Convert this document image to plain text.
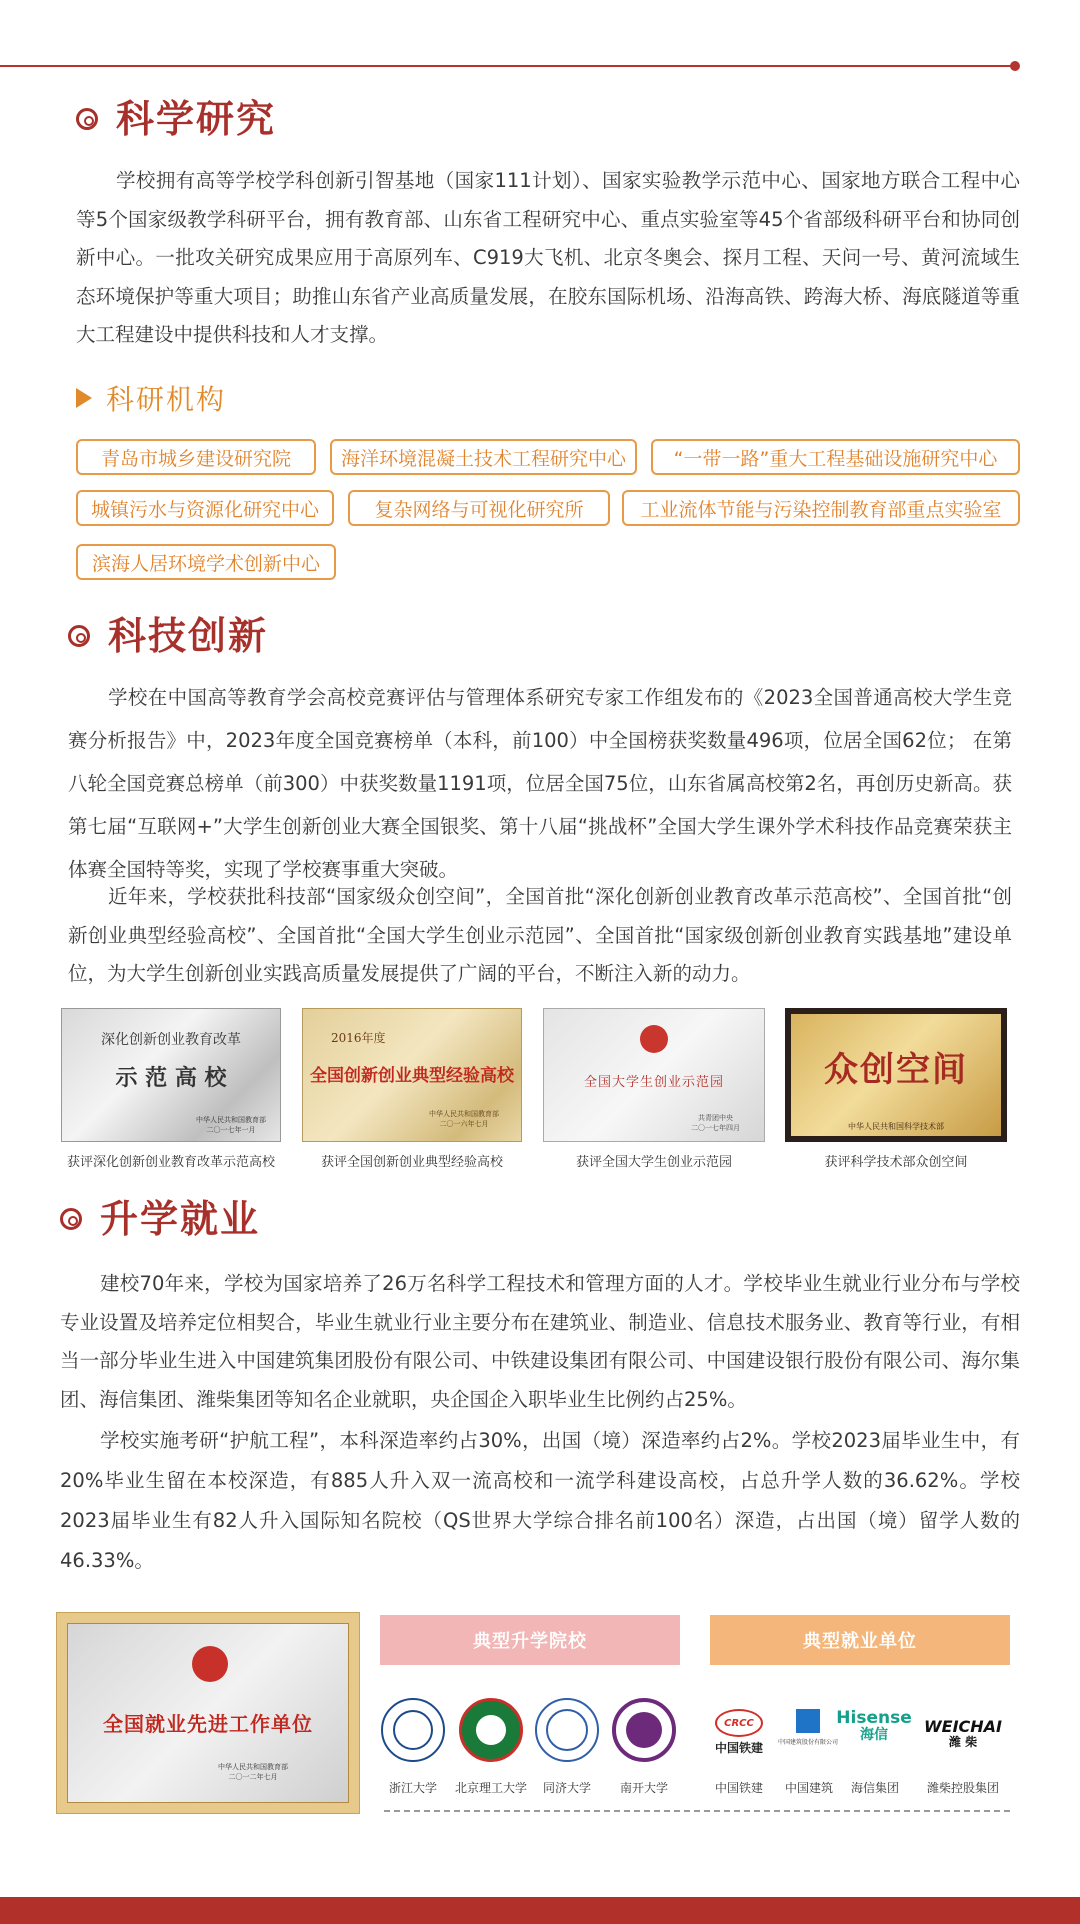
科学研究

学校拥有高等学校学科创新引智基地（国家111计划）、国家实验教学示范中心、国家地方联合工程中心等5个国家级教学科研平台，拥有教育部、山东省工程研究中心、重点实验室等45个省部级科研平台和协同创新中心。一批攻关研究成果应用于高原列车、C919大飞机、北京冬奥会、探月工程、天问一号、黄河流域生态环境保护等重大项目；助推山东省产业高质量发展，在胶东国际机场、沿海高铁、跨海大桥、海底隧道等重大工程建设中提供科技和人才支撑。

科研机构
青岛市城乡建设研究院	海洋环境混凝土技术工程研究中心	“一带一路”重大工程基础设施研究中心
城镇污水与资源化研究中心	复杂网络与可视化研究所	工业流体节能与污染控制教育部重点实验室
滨海人居环境学术创新中心
科技创新

学校在中国高等教育学会高校竞赛评估与管理体系研究专家工作组发布的《2023全国普通高校大学生竞赛分析报告》中，2023年度全国竞赛榜单（本科，前100）中全国榜获奖数量496项，位居全国62位； 在第八轮全国竞赛总榜单（前300）中获奖数量1191项，位居全国75位，山东省属高校第2名，再创历史新高。获第七届“互联网+”大学生创新创业大赛全国银奖、第十八届“挑战杯”全国大学生课外学术科技作品竞赛荣获主体赛全国特等奖，实现了学校赛事重大突破。

近年来，学校获批科技部“国家级众创空间”，全国首批“深化创新创业教育改革示范高校”、全国首批“创新创业典型经验高校”、全国首批“全国大学生创业示范园”、全国首批“国家级创新创业教育实践基地”建设单位，为大学生创新创业实践高质量发展提供了广阔的平台，不断注入新的动力。

深化创新创业教育改革
示 范 高 校
中华人民共和国教育部
二〇一七年一月
获评深化创新创业教育改革示范高校
2016年度
全国创新创业典型经验高校
中华人民共和国教育部
二〇一六年七月
获评全国创新创业典型经验高校
全国大学生创业示范园
共青团中央
二〇一七年四月
获评全国大学生创业示范园
众创空间
中华人民共和国科学技术部
获评科学技术部众创空间
升学就业

建校70年来，学校为国家培养了26万名科学工程技术和管理方面的人才。学校毕业生就业行业分布与学校专业设置及培养定位相契合，毕业生就业行业主要分布在建筑业、制造业、信息技术服务业、教育等行业，有相当一部分毕业生进入中国建筑集团股份有限公司、中铁建设集团有限公司、中国建设银行股份有限公司、海尔集团、海信集团、潍柴集团等知名企业就职，央企国企入职毕业生比例约占25%。

学校实施考研“护航工程”，本科深造率约占30%，出国（境）深造率约占2%。学校2023届毕业生中，有20%毕业生留在本校深造，有885人升入双一流高校和一流学科建设高校，占总升学人数的36.62%。学校2023届毕业生有82人升入国际知名院校（QS世界大学综合排名前100名）深造，占出国（境）留学人数的46.33%。

全国就业先进工作单位
中华人民共和国教育部
二〇一二年七月
典型升学院校	典型就业单位
浙江大学	北京理工大学	同济大学	南开大学
CRCC
中国铁建	中国建筑股份有限公司
Hisense
海信	WEICHAI
潍 柴
中国铁建	中国建筑	海信集团	潍柴控股集团
